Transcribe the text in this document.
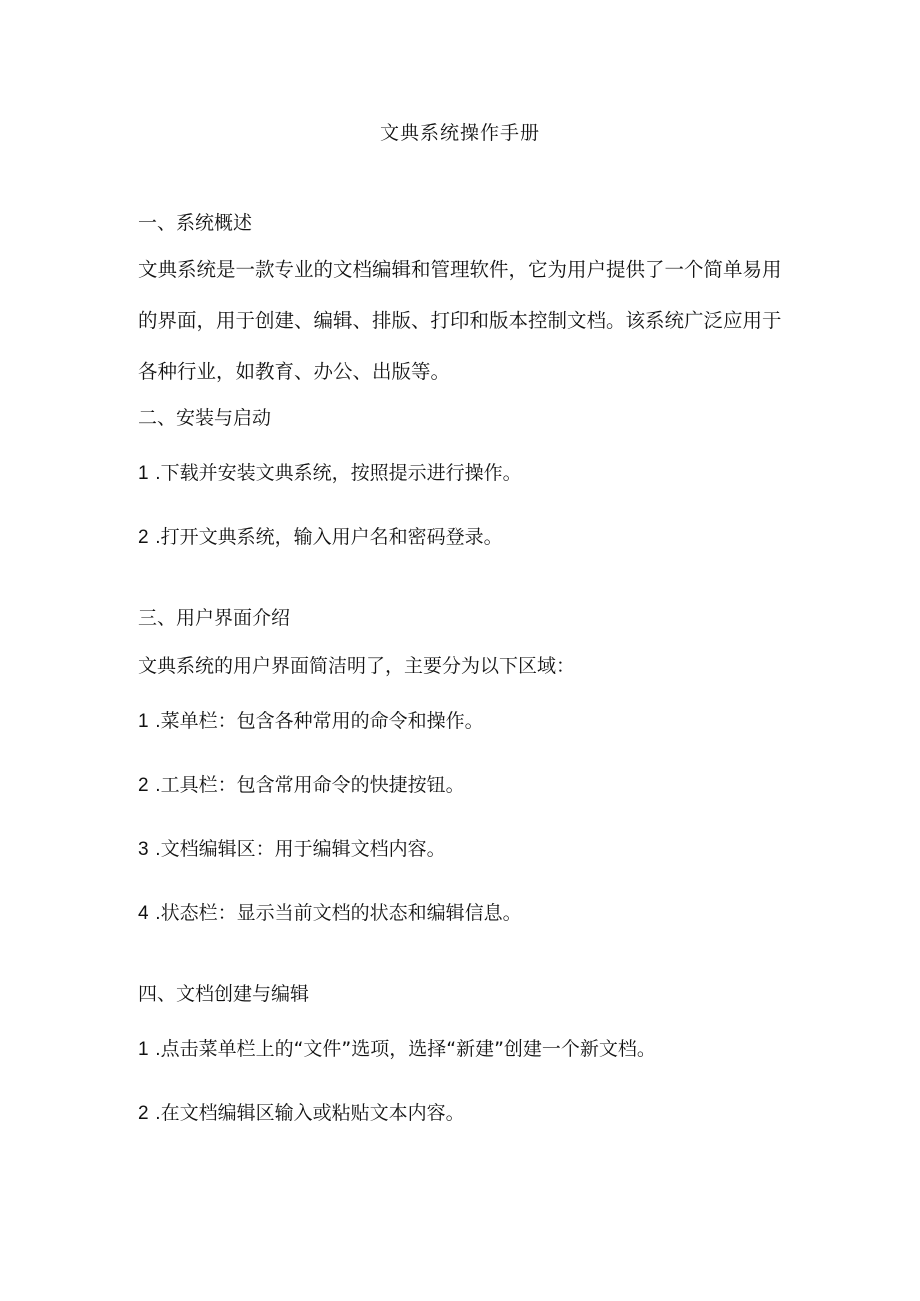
文典系统操作手册
一、系统概述

文典系统是一款专业的文档编辑和管理软件，它为用户提供了一个简单易用的界面，用于创建、编辑、排版、打印和版本控制文档。该系统广泛应用于各种行业，如教育、办公、出版等。

二、安装与启动
1 .下载并安装文典系统，按照提示进行操作。
2 .打开文典系统，输入用户名和密码登录。
三、用户界面介绍

文典系统的用户界面简洁明了，主要分为以下区域：

1 .菜单栏：包含各种常用的命令和操作。
2 .工具栏：包含常用命令的快捷按钮。
3 .文档编辑区：用于编辑文档内容。
4 .状态栏：显示当前文档的状态和编辑信息。
四、文档创建与编辑
1 .点击菜单栏上的“文件”选项，选择“新建”创建一个新文档。
2 .在文档编辑区输入或粘贴文本内容。
